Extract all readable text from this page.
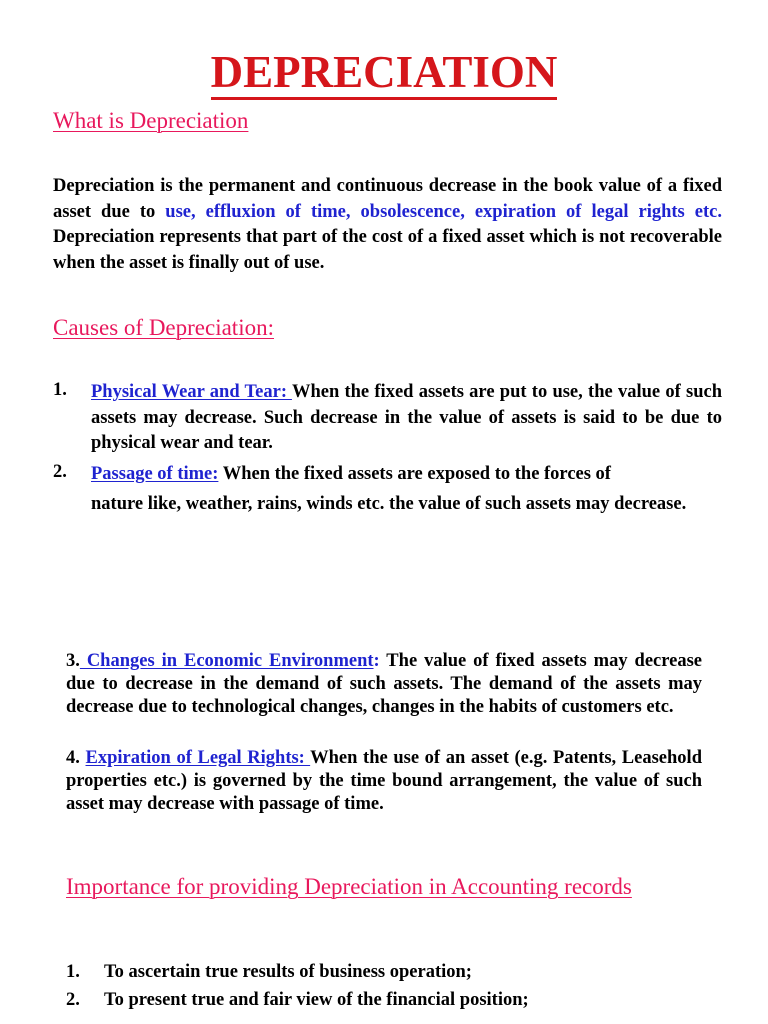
DEPRECIATION
What is Depreciation
Depreciation is the permanent and continuous decrease in the book value of a fixed asset due to use, effluxion of time, obsolescence, expiration of legal rights etc. Depreciation represents that part of the cost of a fixed asset which is not recoverable when the asset is finally out of use.
Causes of Depreciation:
1. Physical Wear and Tear: When the fixed assets are put to use, the value of such assets may decrease. Such decrease in the value of assets is said to be due to physical wear and tear.
2. Passage of time: When the fixed assets are exposed to the forces of
nature like, weather, rains, winds etc. the value of such assets may decrease.
3. Changes in Economic Environment: The value of fixed assets may decrease due to decrease in the demand of such assets. The demand of the assets may decrease due to technological changes, changes in the habits of customers etc.
4. Expiration of Legal Rights: When the use of an asset (e.g. Patents, Leasehold properties etc.) is governed by the time bound arrangement, the value of such asset may decrease with passage of time.
Importance for providing Depreciation in Accounting records
1. To ascertain true results of business operation;
2. To present true and fair view of the financial position;
